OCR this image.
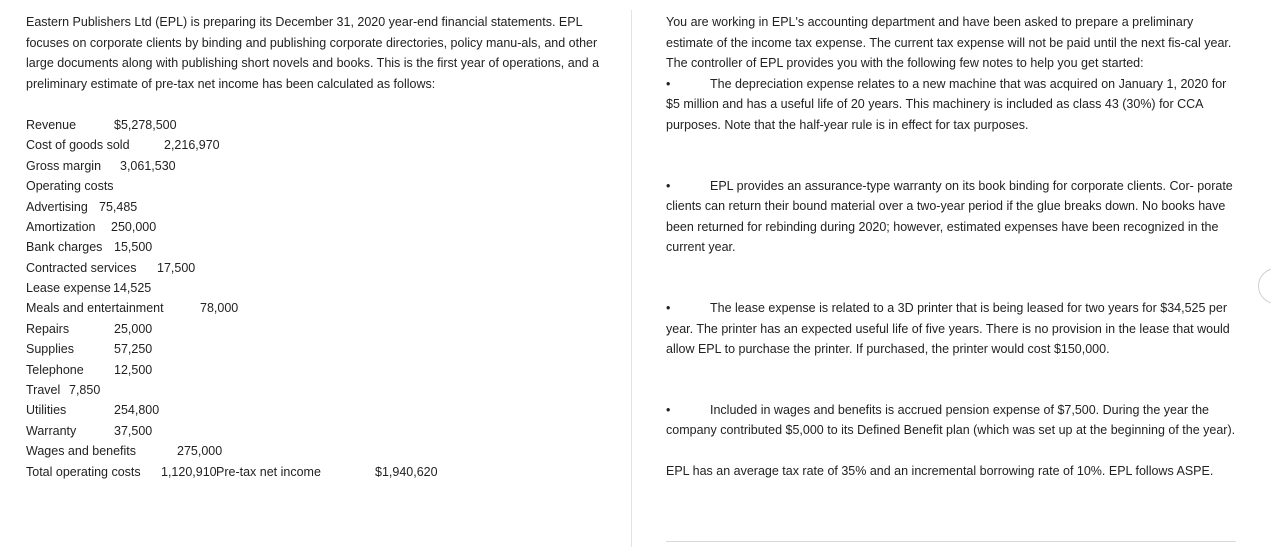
Eastern Publishers Ltd (EPL) is preparing its December 31, 2020 year-end financial statements. EPL focuses on corporate clients by binding and publishing corporate directories, policy manu-als, and other large documents along with publishing short novels and books. This is the first year of operations, and a preliminary estimate of pre-tax net income has been calculated as follows:

Revenue	$5,278,500
Cost of goods sold	2,216,970
Gross margin 3,061,530
Operating costs
Advertising 75,485
Amortization 250,000
Bank charges 15,500
Contracted services 17,500
Lease expense 14,525
Meals and entertainment	78,000
Repairs	25,000
Supplies	57,250
Telephone 12,500
Travel 7,850
Utilities	254,800
Warranty	37,500
Wages and benefits	275,000
Total operating costs 1,120,910 Pre-tax net income	$1,940,620

You are working in EPL's accounting department and have been asked to prepare a preliminary estimate of the income tax expense. The current tax expense will not be paid until the next fis-cal year. The controller of EPL provides you with the following few notes to help you get started:

•	The depreciation expense relates to a new machine that was acquired on January 1, 2020 for $5 million and has a useful life of 20 years. This machinery is included as class 43 (30%) for CCA purposes. Note that the half-year rule is in effect for tax purposes.
•	EPL provides an assurance-type warranty on its book binding for corporate clients. Cor- porate clients can return their bound material over a two-year period if the glue breaks down. No books have been returned for rebinding during 2020; however, estimated expenses have been recognized in the current year.
•	The lease expense is related to a 3D printer that is being leased for two years for $34,525 per year. The printer has an expected useful life of five years. There is no provision in the lease that would allow EPL to purchase the printer. If purchased, the printer would cost $150,000.
•	Included in wages and benefits is accrued pension expense of $7,500. During the year the company contributed $5,000 to its Defined Benefit plan (which was set up at the beginning of the year).

EPL has an average tax rate of 35% and an incremental borrowing rate of 10%. EPL follows ASPE.
